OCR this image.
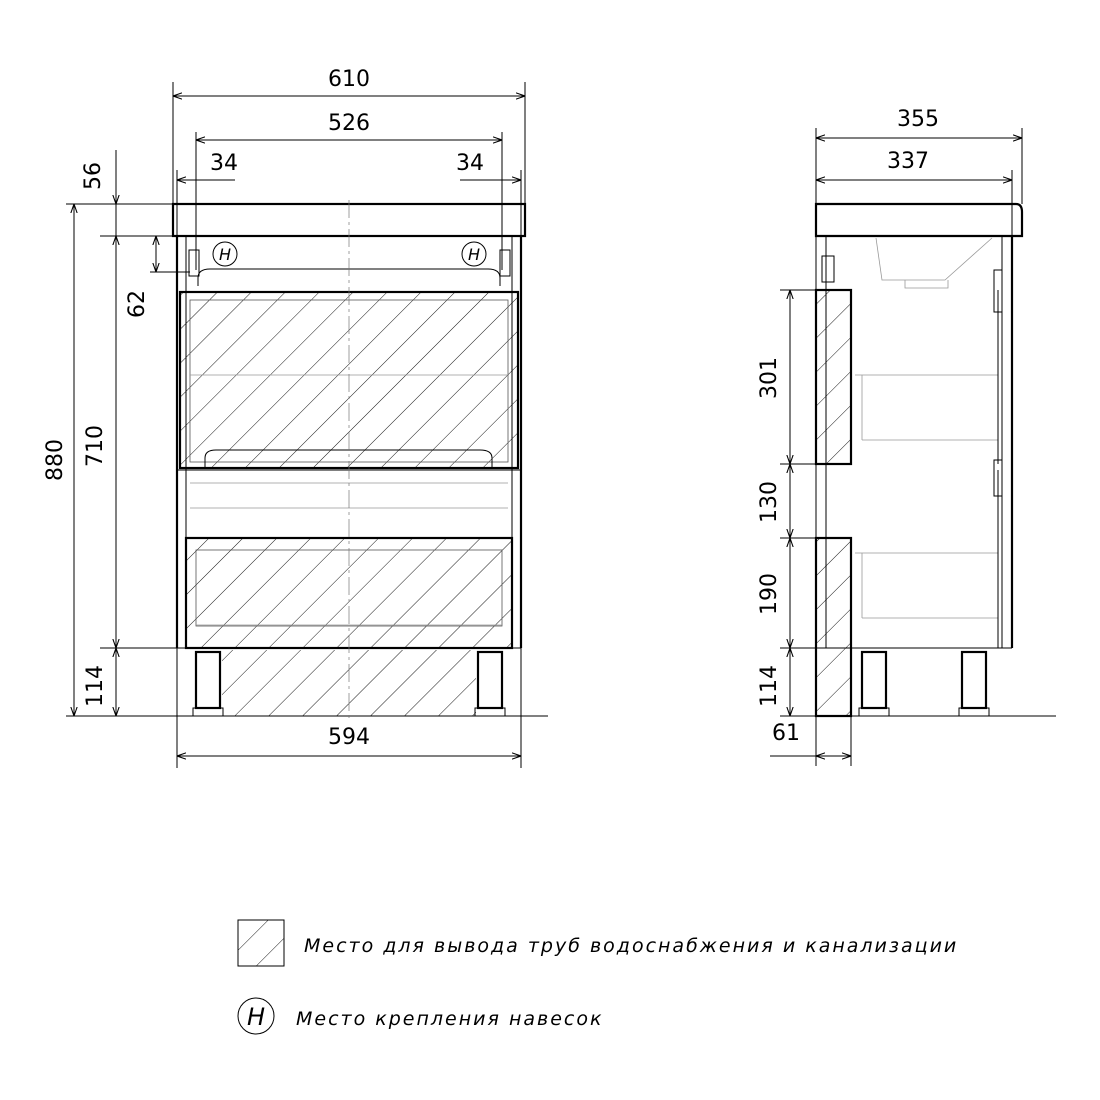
H	H
610
526
34	34
56
62
880 710
114
594
355
337
301
130
190
114
61
Место для вывода труб водоснабжения и канализации
H Место крепления навесок
